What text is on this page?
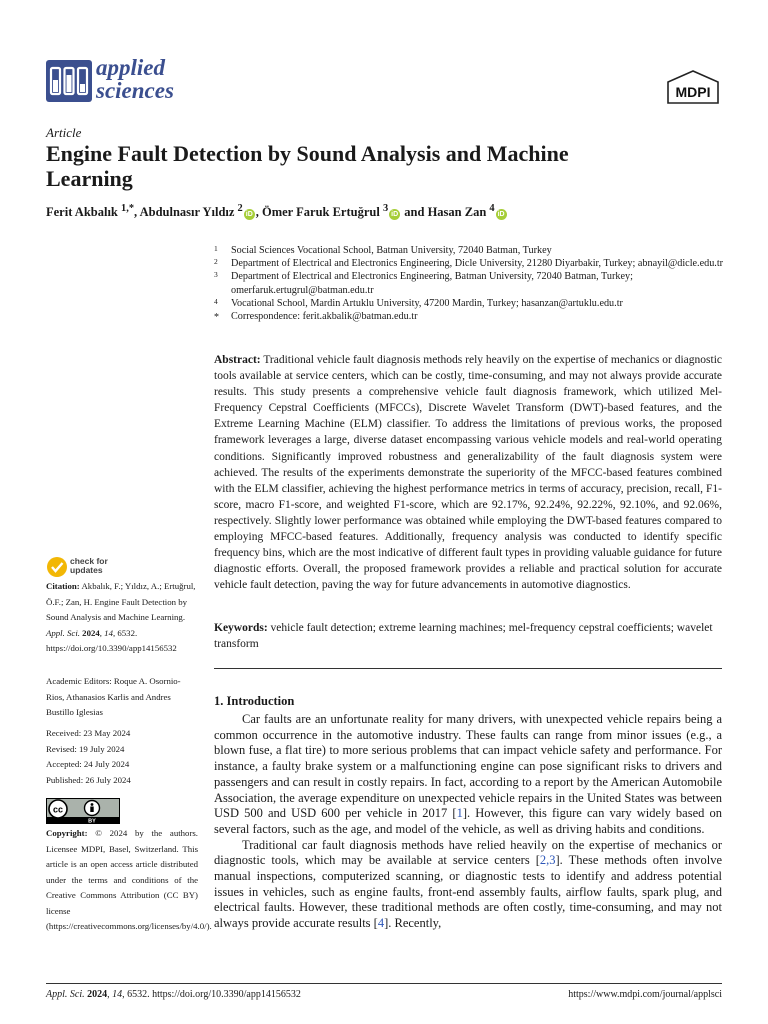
applied
sciences	MDPI
Article
Engine Fault Detection by Sound Analysis and Machine Learning
Ferit Akbalık $^{1,*}$, Abdulnasır Yıldız $^2$iD , Ömer Faruk Ertuğrul $^3$iD and Hasan Zan $^4$iD
1 Social Sciences Vocational School, Batman University, 72040 Batman, Turkey
2 Department of Electrical and Electronics Engineering, Dicle University, 21280 Diyarbakir, Turkey; abnayil@dicle.edu.tr
3 Department of Electrical and Electronics Engineering, Batman University, 72040 Batman, Turkey; omerfaruk.ertugrul@batman.edu.tr
4 Vocational School, Mardin Artuklu University, 47200 Mardin, Turkey; hasanzan@artuklu.edu.tr
* Correspondence: ferit.akbalik@batman.edu.tr
Abstract: Traditional vehicle fault diagnosis methods rely heavily on the expertise of mechanics or diagnostic tools available at service centers, which can be costly, time-consuming, and may not always provide accurate results. This study presents a comprehensive vehicle fault diagnosis framework, which utilized Mel-Frequency Cepstral Coefficients (MFCCs), Discrete Wavelet Transform (DWT)-based features, and the Extreme Learning Machine (ELM) classifier. To address the limitations of previous works, the proposed framework leverages a large, diverse dataset encompassing various vehicle models and real-world operating conditions. Significantly improved robustness and generalizability of the fault diagnosis system were achieved. The results of the experiments demonstrate the superiority of the MFCC-based features combined with the ELM classifier, achieving the highest performance metrics in terms of accuracy, precision, recall, F1-score, macro F1-score, and weighted F1-score, which are 92.17%, 92.24%, 92.22%, 92.10%, and 92.06%, respectively. Slightly lower performance was obtained while employing the DWT-based features compared to employing MFCC-based features. Additionally, frequency analysis was conducted to identify specific frequency bins, which are the most indicative of different fault types in providing valuable guidance for future diagnostic efforts. Overall, the proposed framework provides a reliable and practical solution for accurate vehicle fault detection, paving the way for future advancements in automotive diagnostics.
Keywords: vehicle fault detection; extreme learning machines; mel-frequency cepstral coefficients; wavelet transform
check for
updates
Citation: Akbalık, F.; Yıldız, A.; Ertuğrul, Ö.F.; Zan, H. Engine Fault Detection by Sound Analysis and Machine Learning. Appl. Sci. 2024, 14, 6532. https://doi.org/10.3390/app14156532
Academic Editors: Roque A. Osornio-Rios, Athanasios Karlis and Andres Bustillo Iglesias
Received: 23 May 2024
Revised: 19 July 2024
Accepted: 24 July 2024
Published: 26 July 2024
cc
BY
Copyright: © 2024 by the authors. Licensee MDPI, Basel, Switzerland. This article is an open access article distributed under the terms and conditions of the Creative Commons Attribution (CC BY) license (https://creativecommons.org/licenses/by/4.0/).
1. Introduction

Car faults are an unfortunate reality for many drivers, with unexpected vehicle repairs being a common occurrence in the automotive industry. These faults can range from minor issues (e.g., a blown fuse, a flat tire) to more serious problems that can impact vehicle safety and performance. For instance, a faulty brake system or a malfunctioning engine can pose significant risks to drivers and passengers and can result in costly repairs. In fact, according to a report by the American Automobile Association, the average expenditure on unexpected vehicle repairs in the United States was between USD 500 and USD 600 per vehicle in 2017 [1]. However, this figure can vary widely based on several factors, such as the age, and model of the vehicle, as well as driving habits and conditions.

Traditional car fault diagnosis methods have relied heavily on the expertise of mechanics or diagnostic tools, which may be available at service centers [2,3]. These methods often involve manual inspections, computerized scanning, or diagnostic tests to identify and address potential issues in vehicles, such as engine faults, front-end assembly faults, airflow faults, spark plug, and electrical faults. However, these traditional methods are often costly, time-consuming, and may not always provide accurate results [4]. Recently,

Appl. Sci. 2024, 14, 6532. https://doi.org/10.3390/app14156532	https://www.mdpi.com/journal/applsci
